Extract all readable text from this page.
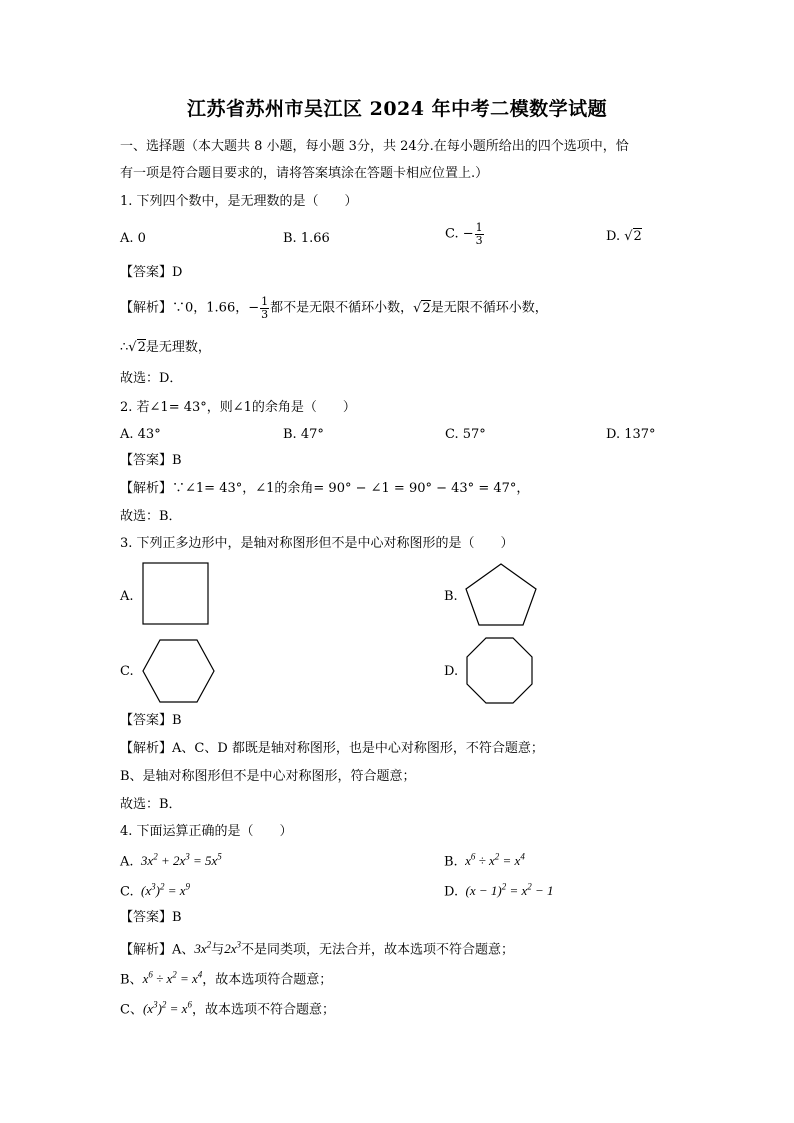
江苏省苏州市吴江区 2024 年中考二模数学试题
一、选择题（本大题共 8 小题，每小题 3分，共 24分.在每小题所给出的四个选项中，恰
有一项是符合题目要求的，请将答案填涂在答题卡相应位置上.）
1. 下列四个数中，是无理数的是（　　）
A. 0	B. 1.66	C. − $\frac{1}{3}$	D. √2
【答案】D
【解析】∵0，1.66，− $\frac{1}{3}$ 都不是无限不循环小数，√2是无限不循环小数，
∴√2是无理数，
故选：D．
2. 若∠1= 43°，则∠1的余角是（　　）
A. 43°	B. 47°	C. 57°	D. 137°
【答案】B
【解析】∵∠1= 43°，∠1的余角= 90° − ∠1 = 90° − 43° = 47°，
故选：B．
3. 下列正多边形中，是轴对称图形但不是中心对称图形的是（　　）
A.	B.
C.	D.
【答案】B
【解析】A、C、D 都既是轴对称图形，也是中心对称图形，不符合题意；
B、是轴对称图形但不是中心对称图形，符合题意；
故选：B．
4. 下面运算正确的是（　　）
A.  $3x^2 + 2x^3 = 5x^5$	B.  $x^6 \div x^2 = x^4$
C.  $(x^3)^2 = x^9$	D.  $(x - 1)^2 = x^2 - 1$
【答案】B
【解析】A、$3x^2$与$2x^3$不是同类项，无法合并，故本选项不符合题意；
B、$x^6 \div x^2 = x^4$，故本选项符合题意；
C、$(x^3)^2 = x^6$，故本选项不符合题意；
